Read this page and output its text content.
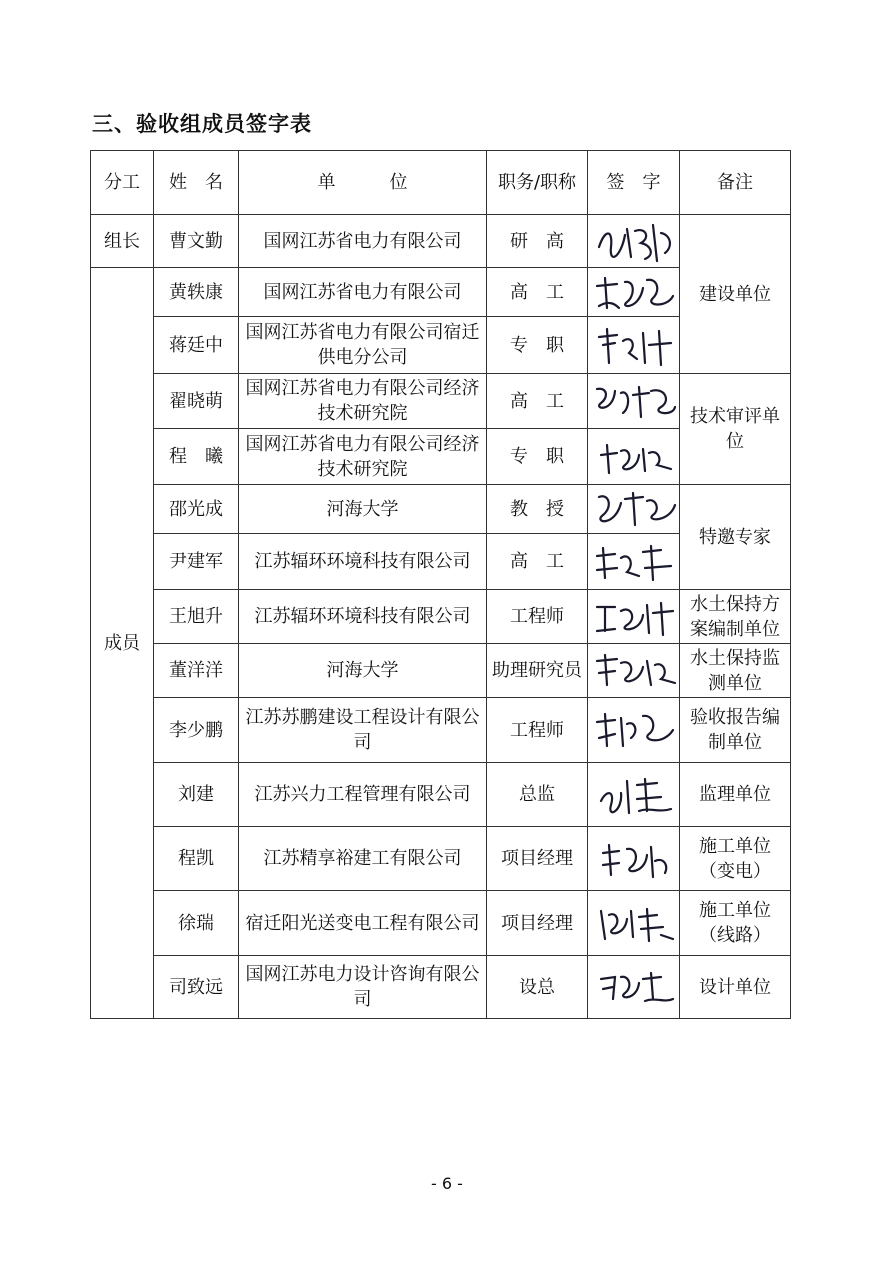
三、验收组成员签字表
分工	姓　名	单　　　位	职务/职称	签　字	备注
组长	曹文勤	国网江苏省电力有限公司	研　高		建设单位
成员	黄轶康	国网江苏省电力有限公司	高　工	

	蒋廷中	国网江苏省电力有限公司宿迁供电分公司	专　职	

	翟晓萌	国网江苏省电力有限公司经济技术研究院	高　工		技术审评单位
	程　曦	国网江苏省电力有限公司经济技术研究院	专　职	

	邵光成	河海大学	教　授		特邀专家
	尹建军	江苏辐环环境科技有限公司	高　工	

	王旭升	江苏辐环环境科技有限公司	工程师		水土保持方案编制单位
	董洋洋	河海大学	助理研究员		水土保持监测单位
	李少鹏	江苏苏鹏建设工程设计有限公司	工程师		验收报告编制单位
	刘建	江苏兴力工程管理有限公司	总监		监理单位
	程凯	江苏精享裕建工有限公司	项目经理		施工单位（变电）
	徐瑞	宿迁阳光送变电工程有限公司	项目经理		施工单位（线路）
	司致远	国网江苏电力设计咨询有限公司	设总		设计单位
- 6 -
